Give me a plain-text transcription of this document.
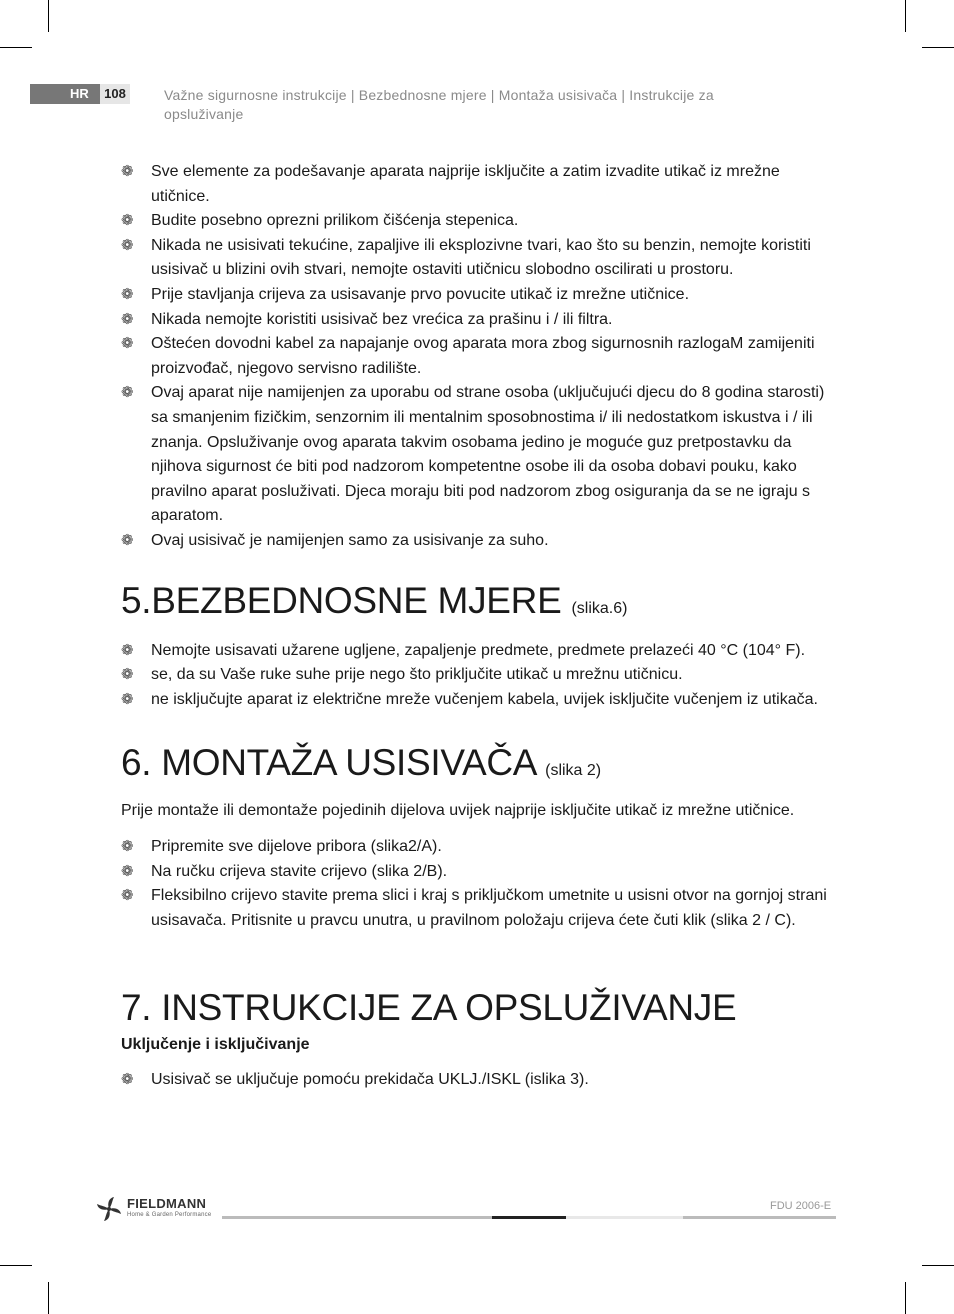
HR	108	Važne sigurnosne instrukcije | Bezbednosne mjere | Montaža usisivača | Instrukcije za opsluživanje
❁ Sve elemente za podešavanje aparata najprije isključite a zatim izvadite utikač iz mrežne utičnice.
❁ Budite posebno oprezni prilikom čišćenja stepenica.
❁ Nikada ne usisivati tekućine, zapaljive ili eksplozivne tvari, kao što su benzin, nemojte koristiti usisivač u blizini ovih stvari, nemojte ostaviti utičnicu slobodno oscilirati u prostoru.
❁ Prije stavljanja crijeva za usisavanje prvo povucite utikač iz mrežne utičnice.
❁ Nikada nemojte koristiti usisivač bez vrećica za prašinu i / ili filtra.
❁ Oštećen dovodni kabel za napajanje ovog aparata mora zbog sigurnosnih razlogaM zamijeniti proizvođač, njegovo servisno radilište.
❁ Ovaj aparat nije namijenjen za uporabu od strane osoba (uključujući djecu do 8 godina starosti) sa smanjenim fizičkim, senzornim ili mentalnim sposobnostima i/ ili nedostatkom iskustva i / ili znanja. Opsluživanje ovog aparata takvim osobama jedino je moguće guz pretpostavku da njihova sigurnost će biti pod nadzorom kompetentne osobe ili da osoba dobavi pouku, kako pravilno aparat posluživati. Djeca moraju biti pod nadzorom zbog osiguranja da se ne igraju s aparatom.
❁ Ovaj usisivač je namijenjen samo za usisivanje za suho.
5.BEZBEDNOSNE MJERE (slika.6)
❁ Nemojte usisavati užarene ugljene, zapaljenje predmete, predmete prelazeći 40 °C (104° F).
❁ se, da su Vaše ruke suhe prije nego što priključite utikač u mrežnu utičnicu.
❁ ne isključujte aparat iz električne mreže vučenjem kabela, uvijek isključite vučenjem iz utikača.
6. MONTAŽA USISIVAČA (slika 2)

Prije montaže ili demontaže pojedinih dijelova uvijek najprije isključite utikač iz mrežne utičnice.

❁ Pripremite sve dijelove pribora (slika2/A).
❁ Na ručku crijeva stavite crijevo (slika 2/B).
❁ Fleksibilno crijevo stavite prema slici i kraj s priključkom umetnite u usisni otvor na gornjoj strani usisavača. Pritisnite u pravcu unutra, u pravilnom položaju crijeva ćete čuti klik (slika 2 / C).
7. INSTRUKCIJE ZA OPSLUŽIVANJE
Uključenje i isključivanje
❁ Usisivač se uključuje pomoću prekidača UKLJ./ISKL (islika 3).
FIELDMANN
Home & Garden Performance
FDU 2006-E
